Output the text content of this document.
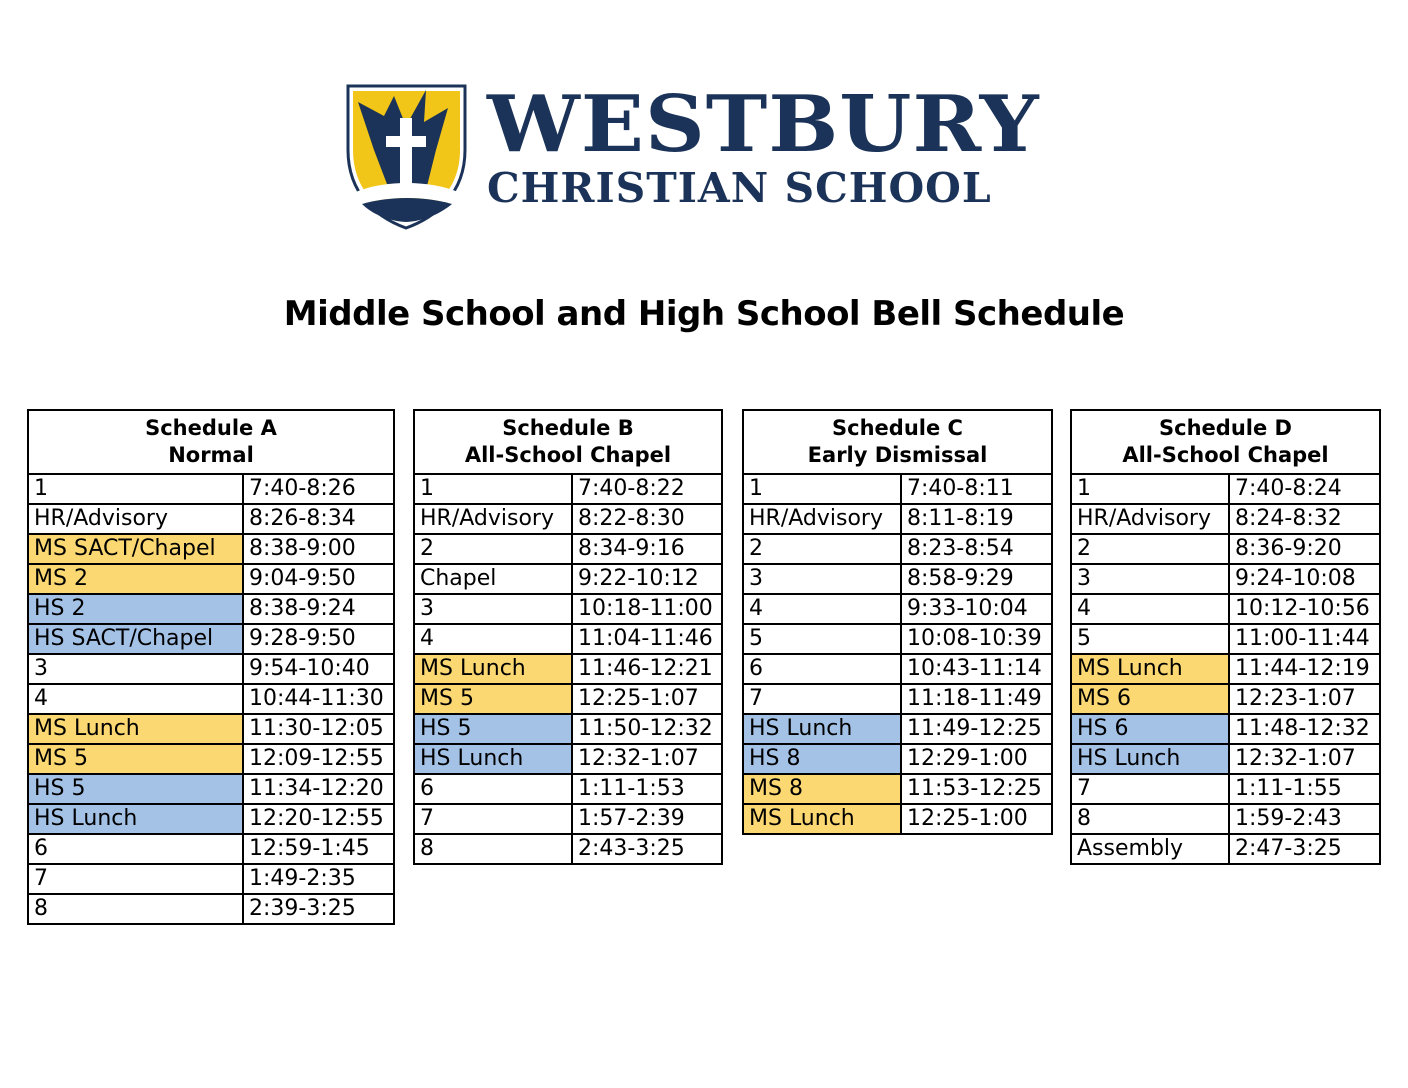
WESTBURY
CHRISTIAN SCHOOL
Middle School and High School Bell Schedule
Schedule A
Normal	

1	7:40-8:26
HR/Advisory	8:26-8:34
MS SACT/Chapel	8:38-9:00
MS 2	9:04-9:50
HS 2	8:38-9:24
HS SACT/Chapel	9:28-9:50
3	9:54-10:40
4	10:44-11:30
MS Lunch	11:30-12:05
MS 5	12:09-12:55
HS 5	11:34-12:20
HS Lunch	12:20-12:55
6	12:59-1:45
7	1:49-2:35
8	2:39-3:25
Schedule B
All-School Chapel	

1	7:40-8:22
HR/Advisory	8:22-8:30
2	8:34-9:16
Chapel	9:22-10:12
3	10:18-11:00
4	11:04-11:46
MS Lunch	11:46-12:21
MS 5	12:25-1:07
HS 5	11:50-12:32
HS Lunch	12:32-1:07
6	1:11-1:53
7	1:57-2:39
8	2:43-3:25
Schedule C
Early Dismissal	

1	7:40-8:11
HR/Advisory	8:11-8:19
2	8:23-8:54
3	8:58-9:29
4	9:33-10:04
5	10:08-10:39
6	10:43-11:14
7	11:18-11:49
HS Lunch	11:49-12:25
HS 8	12:29-1:00
MS 8	11:53-12:25
MS Lunch	12:25-1:00
Schedule D
All-School Chapel	

1	7:40-8:24
HR/Advisory	8:24-8:32
2	8:36-9:20
3	9:24-10:08
4	10:12-10:56
5	11:00-11:44
MS Lunch	11:44-12:19
MS 6	12:23-1:07
HS 6	11:48-12:32
HS Lunch	12:32-1:07
7	1:11-1:55
8	1:59-2:43
Assembly	2:47-3:25
